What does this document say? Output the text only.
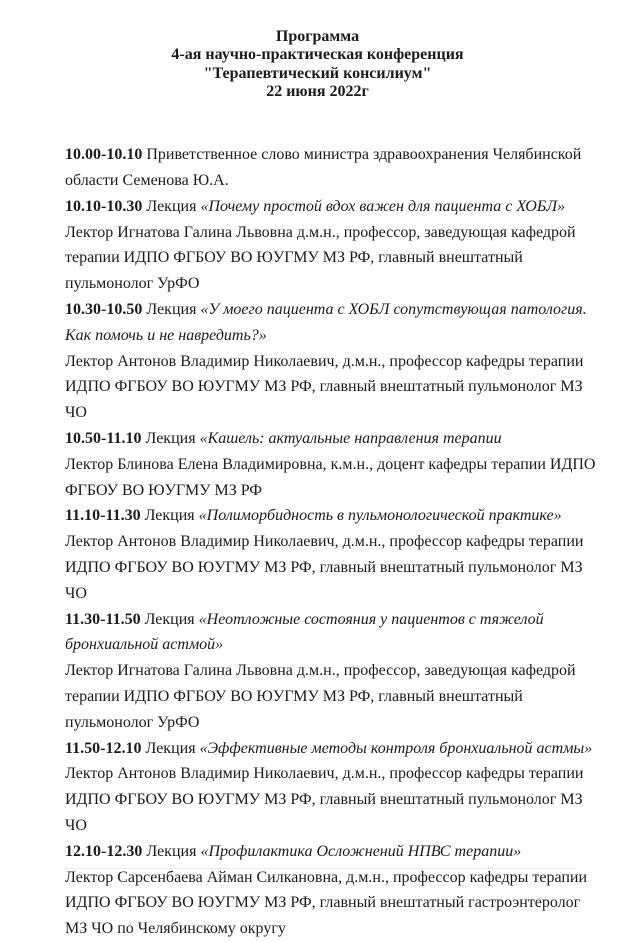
Программа
4-ая научно-практическая конференция
"Терапевтический консилиум"
22 июня 2022г

10.00-10.10 Приветственное слово министра здравоохранения Челябинской области Семенова Ю.А.

10.10-10.30 Лекция «Почему простой вдох важен для пациента с ХОБЛ»

Лектор Игнатова Галина Львовна д.м.н., профессор, заведующая кафедрой терапии ИДПО ФГБОУ ВО ЮУГМУ МЗ РФ, главный внештатный пульмонолог УрФО

10.30-10.50 Лекция «У моего пациента с ХОБЛ сопутствующая патология. Как помочь и не навредить?»

Лектор Антонов Владимир Николаевич, д.м.н., профессор кафедры терапии ИДПО ФГБОУ ВО ЮУГМУ МЗ РФ, главный внештатный пульмонолог МЗ ЧО

10.50-11.10 Лекция «Кашель: актуальные направления терапии

Лектор Блинова Елена Владимировна, к.м.н., доцент кафедры терапии ИДПО ФГБОУ ВО ЮУГМУ МЗ РФ

11.10-11.30 Лекция «Полиморбидность в пульмонологической практике» Лектор Антонов Владимир Николаевич, д.м.н., профессор кафедры терапии ИДПО ФГБОУ ВО ЮУГМУ МЗ РФ, главный внештатный пульмонолог МЗ ЧО

11.30-11.50 Лекция «Неотложные состояния у пациентов с тяжелой бронхиальной астмой»

Лектор Игнатова Галина Львовна д.м.н., профессор, заведующая кафедрой терапии ИДПО ФГБОУ ВО ЮУГМУ МЗ РФ, главный внештатный пульмонолог УрФО

11.50-12.10 Лекция «Эффективные методы контроля бронхиальной астмы»

Лектор Антонов Владимир Николаевич, д.м.н., профессор кафедры терапии ИДПО ФГБОУ ВО ЮУГМУ МЗ РФ, главный внештатный пульмонолог МЗ ЧО

12.10-12.30 Лекция «Профилактика Осложнений НПВС терапии»

Лектор Сарсенбаева Айман Силкановна, д.м.н., профессор кафедры терапии ИДПО ФГБОУ ВО ЮУГМУ МЗ РФ, главный внештатный гастроэнтеролог МЗ ЧО по Челябинскому округу
